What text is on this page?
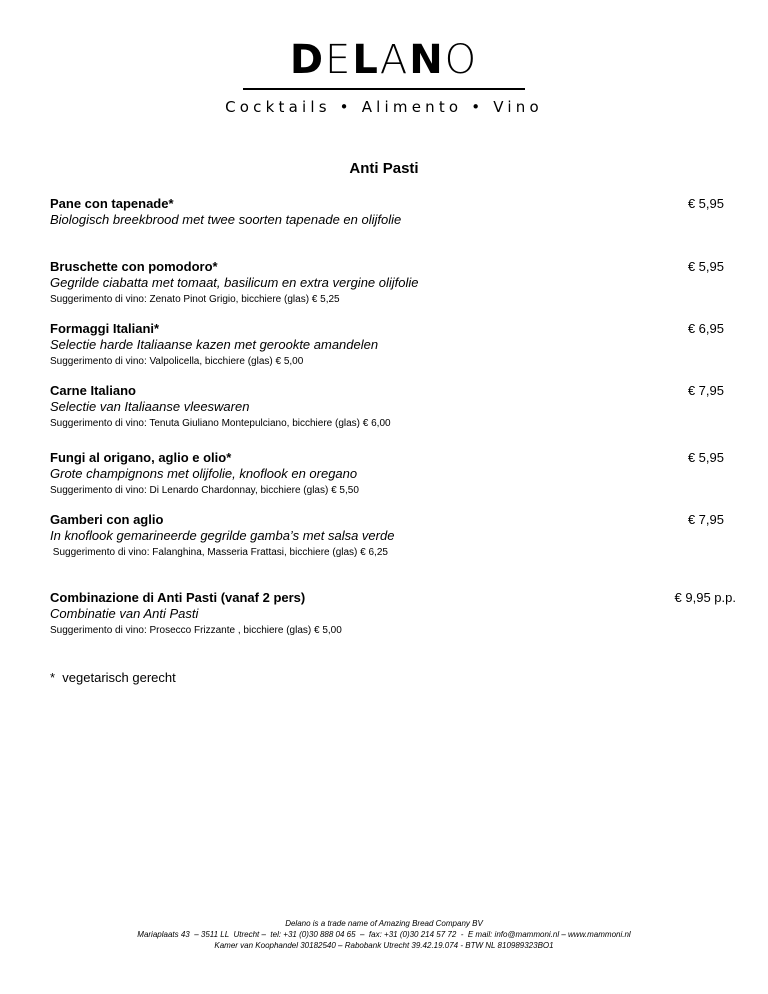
DELANO
Cocktails • Alimento • Vino
Anti Pasti
Pane con tapenade*
Biologisch breekbrood met twee soorten tapenade en olijfolie
€ 5,95
Bruschette con pomodoro*
Gegrilde ciabatta met tomaat, basilicum en extra vergine olijfolie
Suggerimento di vino: Zenato Pinot Grigio, bicchiere (glas) € 5,25
€ 5,95
Formaggi Italiani*
Selectie harde Italiaanse kazen met gerookte amandelen
Suggerimento di vino: Valpolicella, bicchiere (glas) € 5,00
€ 6,95
Carne Italiano
Selectie van Italiaanse vleeswaren
Suggerimento di vino: Tenuta Giuliano Montepulciano, bicchiere (glas) € 6,00
€ 7,95
Fungi al origano, aglio e olio*
Grote champignons met olijfolie, knoflook en oregano
Suggerimento di vino: Di Lenardo Chardonnay, bicchiere (glas) € 5,50
€ 5,95
Gamberi con aglio
In knoflook gemarineerde gegrilde gamba’s met salsa verde
Suggerimento di vino: Falanghina, Masseria Frattasi, bicchiere (glas) € 6,25
€ 7,95
Combinazione di Anti Pasti (vanaf 2 pers)
Combinatie van Anti Pasti
Suggerimento di vino: Prosecco Frizzante , bicchiere (glas) € 5,00
€ 9,95 p.p.
*  vegetarisch gerecht
Delano is a trade name of Amazing Bread Company BV
Mariaplaats 43  – 3511 LL  Utrecht –  tel: +31 (0)30 888 04 65  –  fax: +31 (0)30 214 57 72  -  E mail: info@mammoni.nl – www.mammoni.nl
Kamer van Koophandel 30182540 – Rabobank Utrecht 39.42.19.074 - BTW NL 810989323BO1
